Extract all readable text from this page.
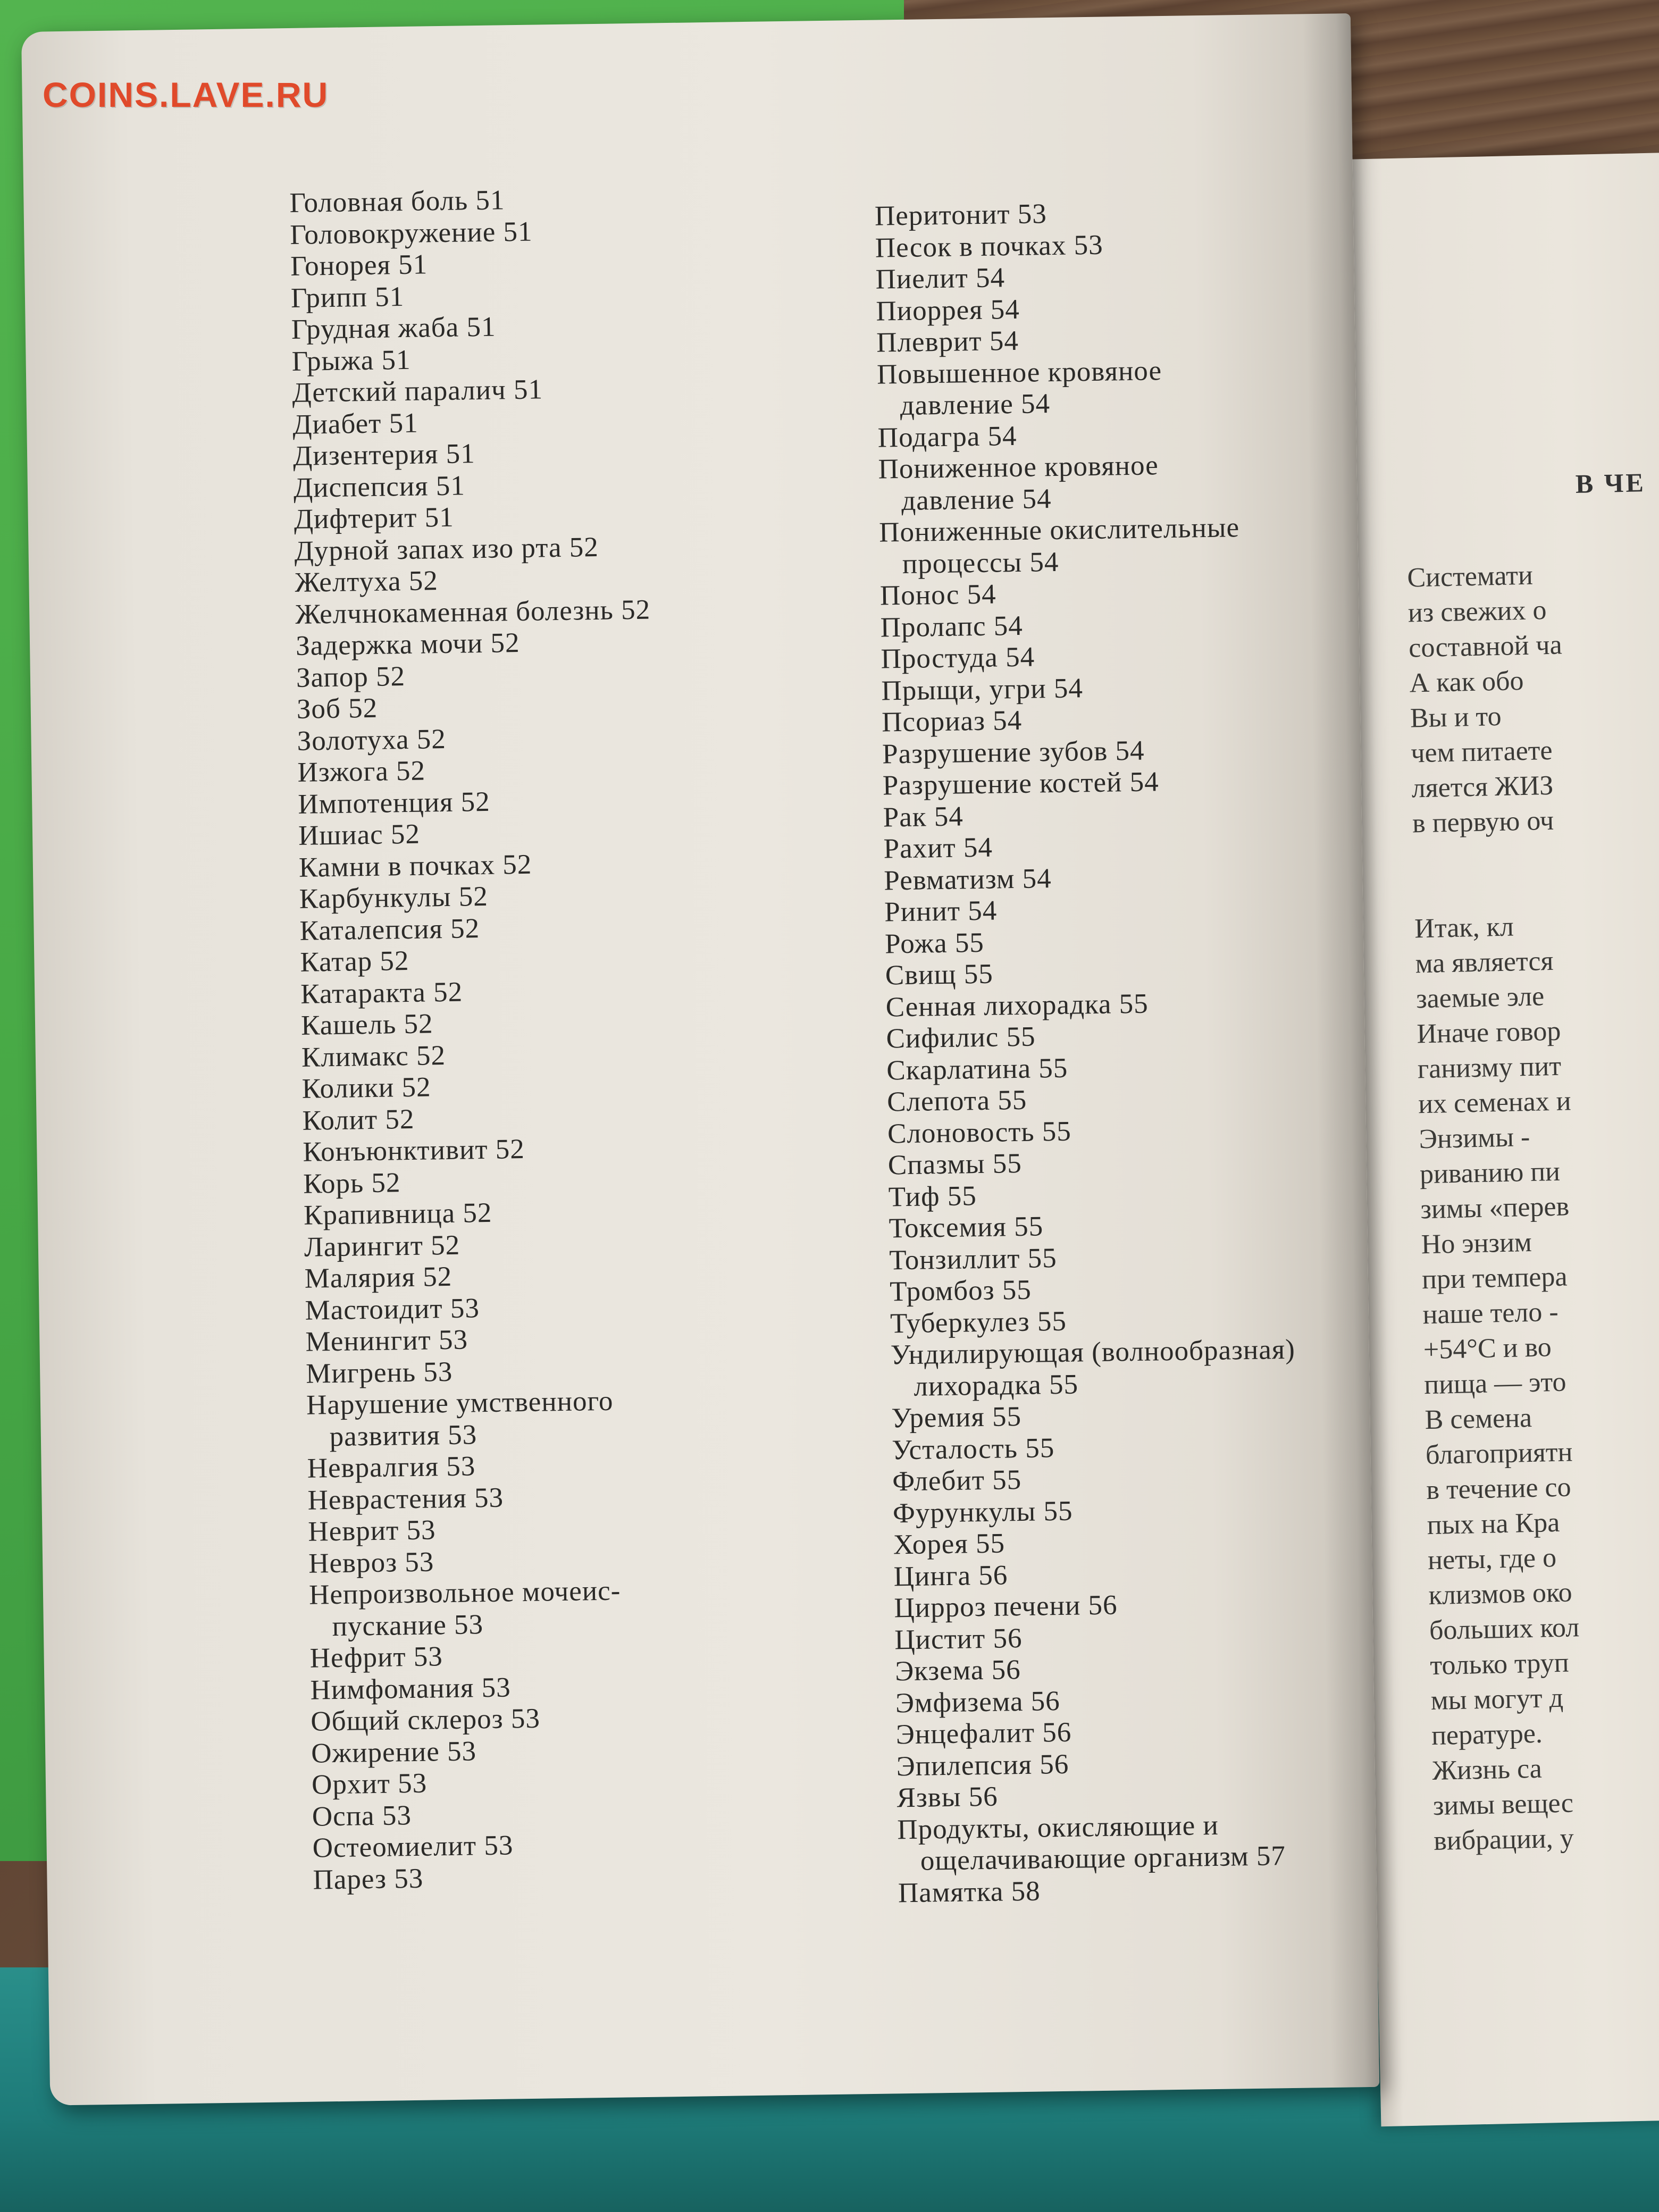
В ЧЕ
Системати
из свежих о
составной ча
А как обо
Вы и то
чем питаете
ляется ЖИЗ
в первую оч
Итак, кл
ма является
заемые эле
Иначе говор
ганизму пит
их семенах и
Энзимы -
риванию пи
зимы «перев
Но энзим
при темпера
наше тело -
+54°C и во
пища — это
В семена
благоприятн
в течение со
пых на Кра
неты, где о
клизмов око
больших кол
только труп
мы могут д
пературе.
Жизнь са
зимы вещес
вибрации, у
Головная боль 51
Головокружение 51
Гонорея 51
Грипп 51
Грудная жаба 51
Грыжа 51
Детский паралич 51
Диабет 51
Дизентерия 51
Диспепсия 51
Дифтерит 51
Дурной запах изо рта 52
Желтуха 52
Желчнокаменная болезнь 52
Задержка мочи 52
Запор 52
Зоб 52
Золотуха 52
Изжога 52
Импотенция 52
Ишиас 52
Камни в почках 52
Карбункулы 52
Каталепсия 52
Катар 52
Катаракта 52
Кашель 52
Климакс 52
Колики 52
Колит 52
Конъюнктивит 52
Корь 52
Крапивница 52
Ларингит 52
Малярия 52
Мастоидит 53
Менингит 53
Мигрень 53
Нарушение умственного
развития 53
Невралгия 53
Неврастения 53
Неврит 53
Невроз 53
Непроизвольное мочеис-
пускание 53
Нефрит 53
Нимфомания 53
Общий склероз 53
Ожирение 53
Орхит 53
Оспа 53
Остеомиелит 53
Парез 53
Перитонит 53
Песок в почках 53
Пиелит 54
Пиоррея 54
Плеврит 54
Повышенное кровяное
давление 54
Подагра 54
Пониженное кровяное
давление 54
Пониженные окислительные
процессы 54
Понос 54
Пролапс 54
Простуда 54
Прыщи, угри 54
Псориаз 54
Разрушение зубов 54
Разрушение костей 54
Рак 54
Рахит 54
Ревматизм 54
Ринит 54
Рожа 55
Свищ 55
Сенная лихорадка 55
Сифилис 55
Скарлатина 55
Слепота 55
Слоновость 55
Спазмы 55
Тиф 55
Токсемия 55
Тонзиллит 55
Тромбоз 55
Туберкулез 55
Ундилирующая (волнообразная)
лихорадка 55
Уремия 55
Усталость 55
Флебит 55
Фурункулы 55
Хорея 55
Цинга 56
Цирроз печени 56
Цистит 56
Экзема 56
Эмфизема 56
Энцефалит 56
Эпилепсия 56
Язвы 56
Продукты, окисляющие и
ощелачивающие организм 57
Памятка 58
COINS.LAVE.RU
